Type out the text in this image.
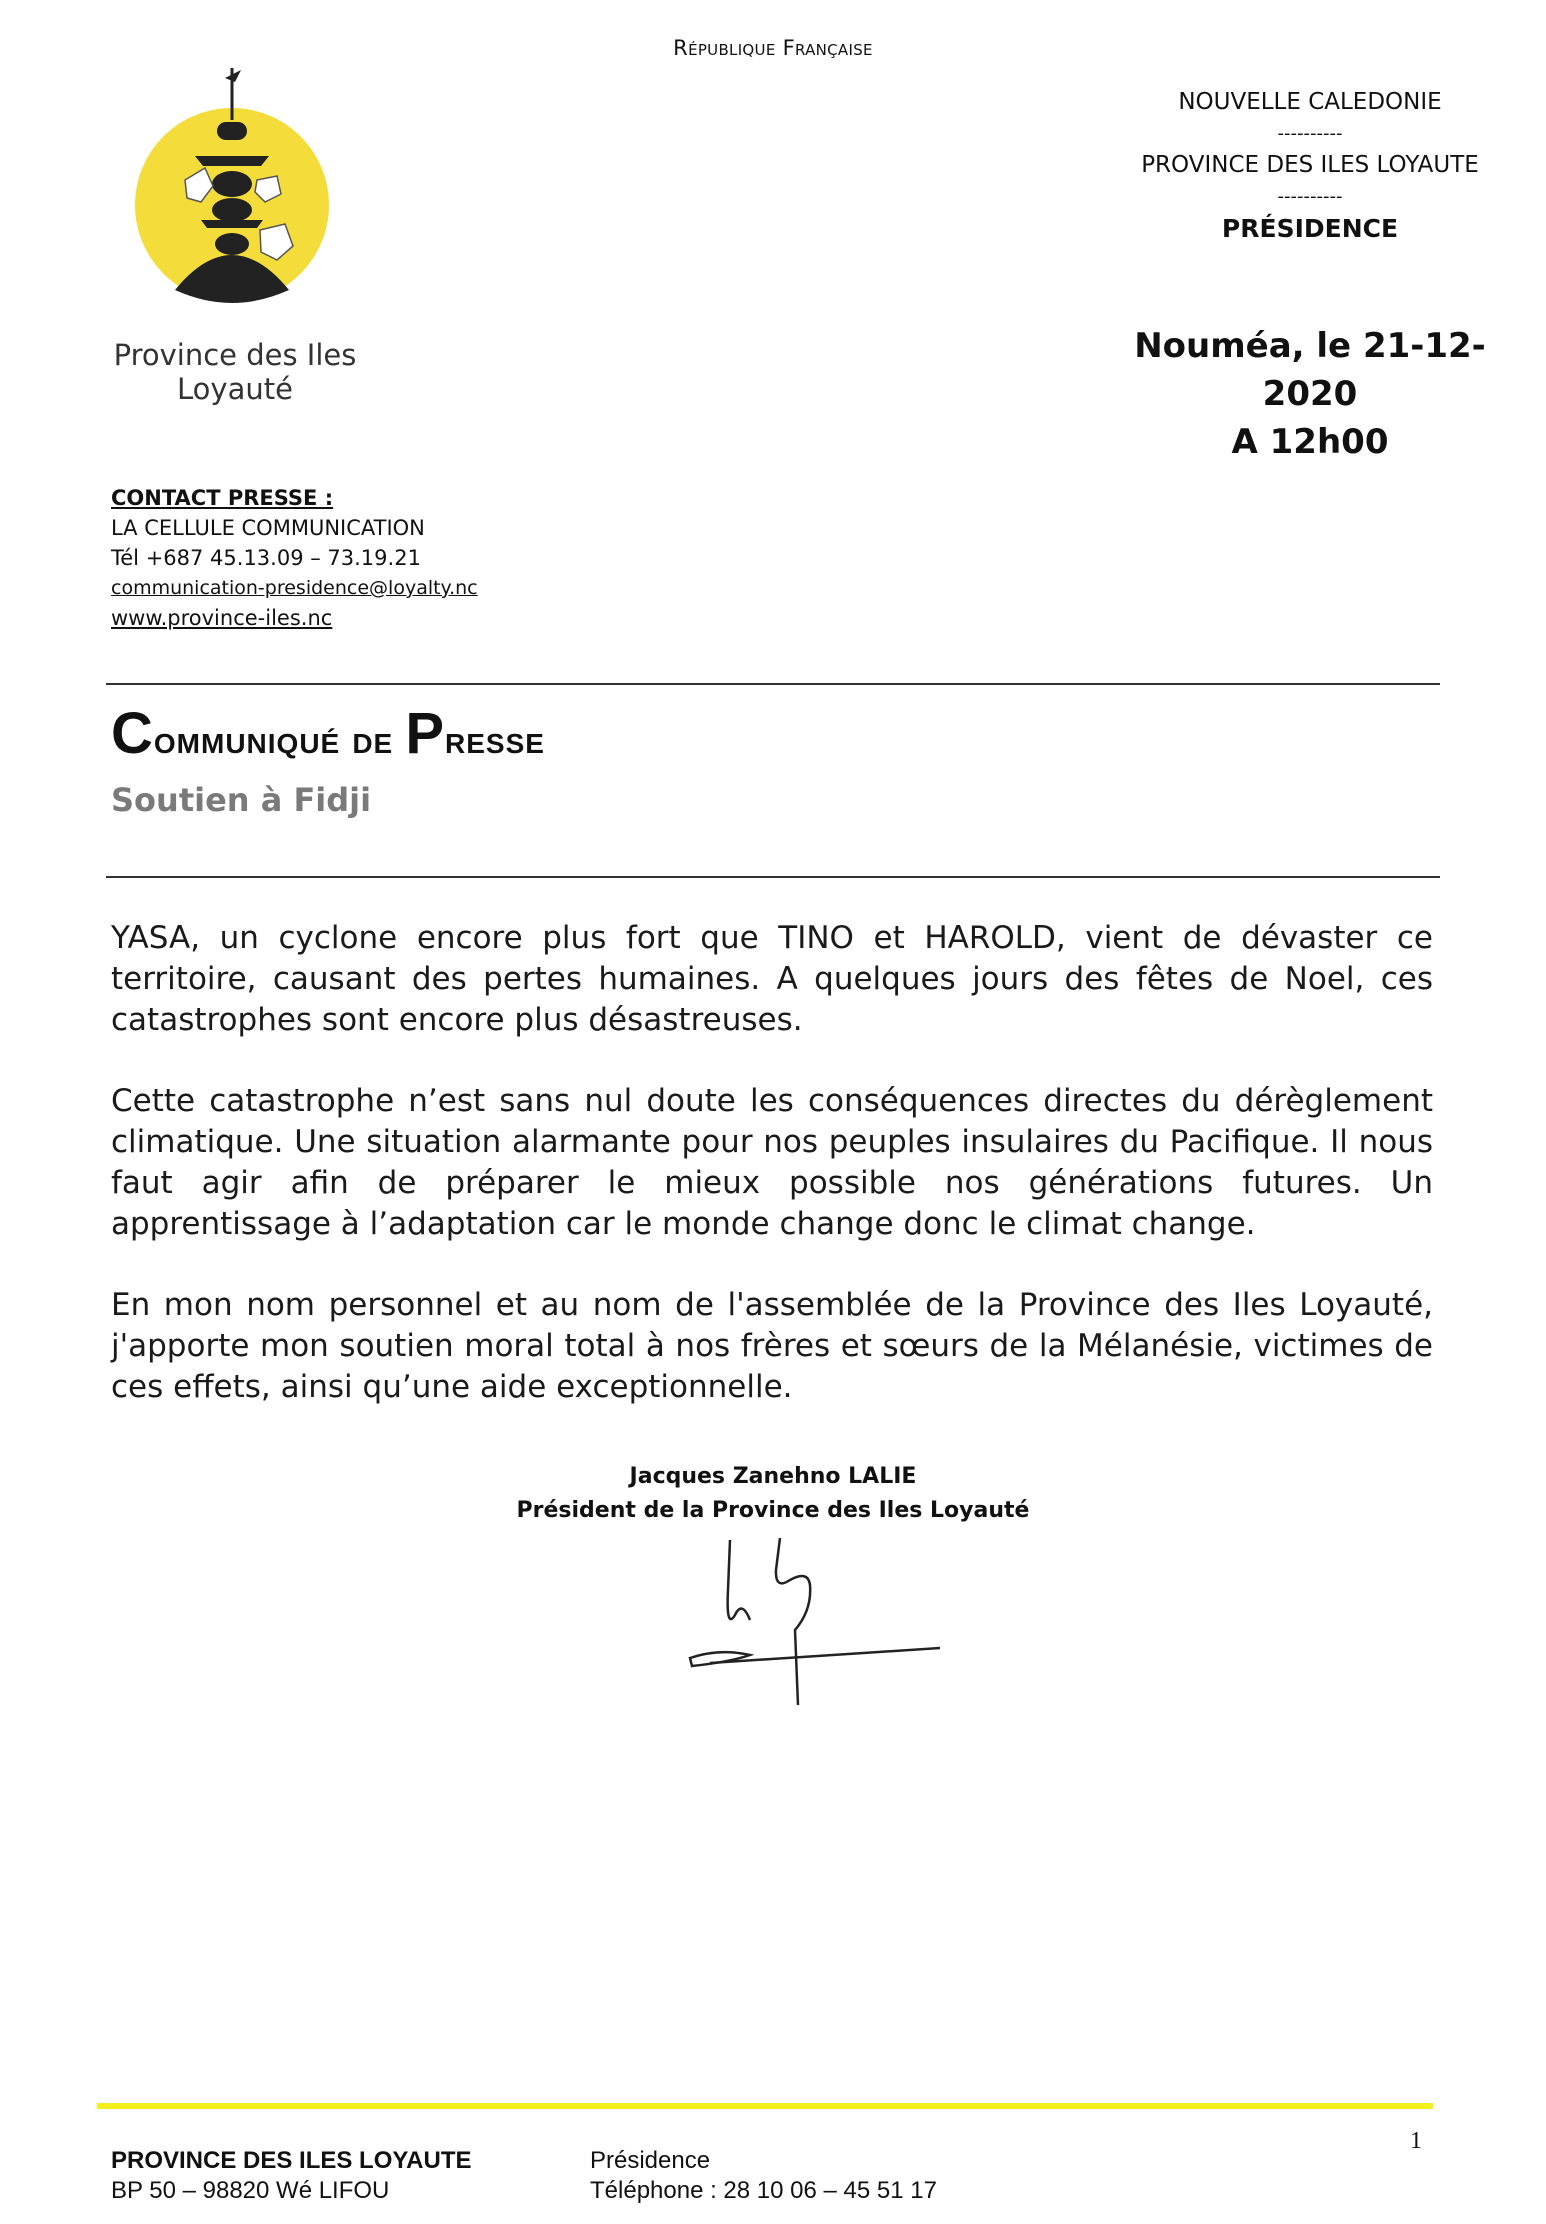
République Française
Province des Iles Loyauté
NOUVELLE CALEDONIE
----------
PROVINCE DES ILES LOYAUTE
----------
PRÉSIDENCE
Nouméa, le 21-12-2020
A 12h00
CONTACT PRESSE :
LA CELLULE COMMUNICATION
Tél +687 45.13.09 – 73.19.21
communication-presidence@loyalty.nc
www.province-iles.nc
Communiqué de Presse
Soutien à Fidji

YASA, un cyclone encore plus fort que TINO et HAROLD, vient de dévaster ce territoire, causant des pertes humaines. A quelques jours des fêtes de Noel, ces catastrophes sont encore plus désastreuses.

Cette catastrophe n’est sans nul doute les conséquences directes du dérèglement climatique. Une situation alarmante pour nos peuples insulaires du Pacifique. Il nous faut agir afin de préparer le mieux possible nos générations futures. Un apprentissage à l’adaptation car le monde change donc le climat change.

En mon nom personnel et au nom de l'assemblée de la Province des Iles Loyauté, j'apporte mon soutien moral total à nos frères et sœurs de la Mélanésie, victimes de ces effets, ainsi qu’une aide exceptionnelle.

Jacques Zanehno LALIE
Président de la Province des Iles Loyauté
1
PROVINCE DES ILES LOYAUTE
BP 50 – 98820 Wé LIFOU
Présidence
Téléphone : 28 10 06 – 45 51 17
